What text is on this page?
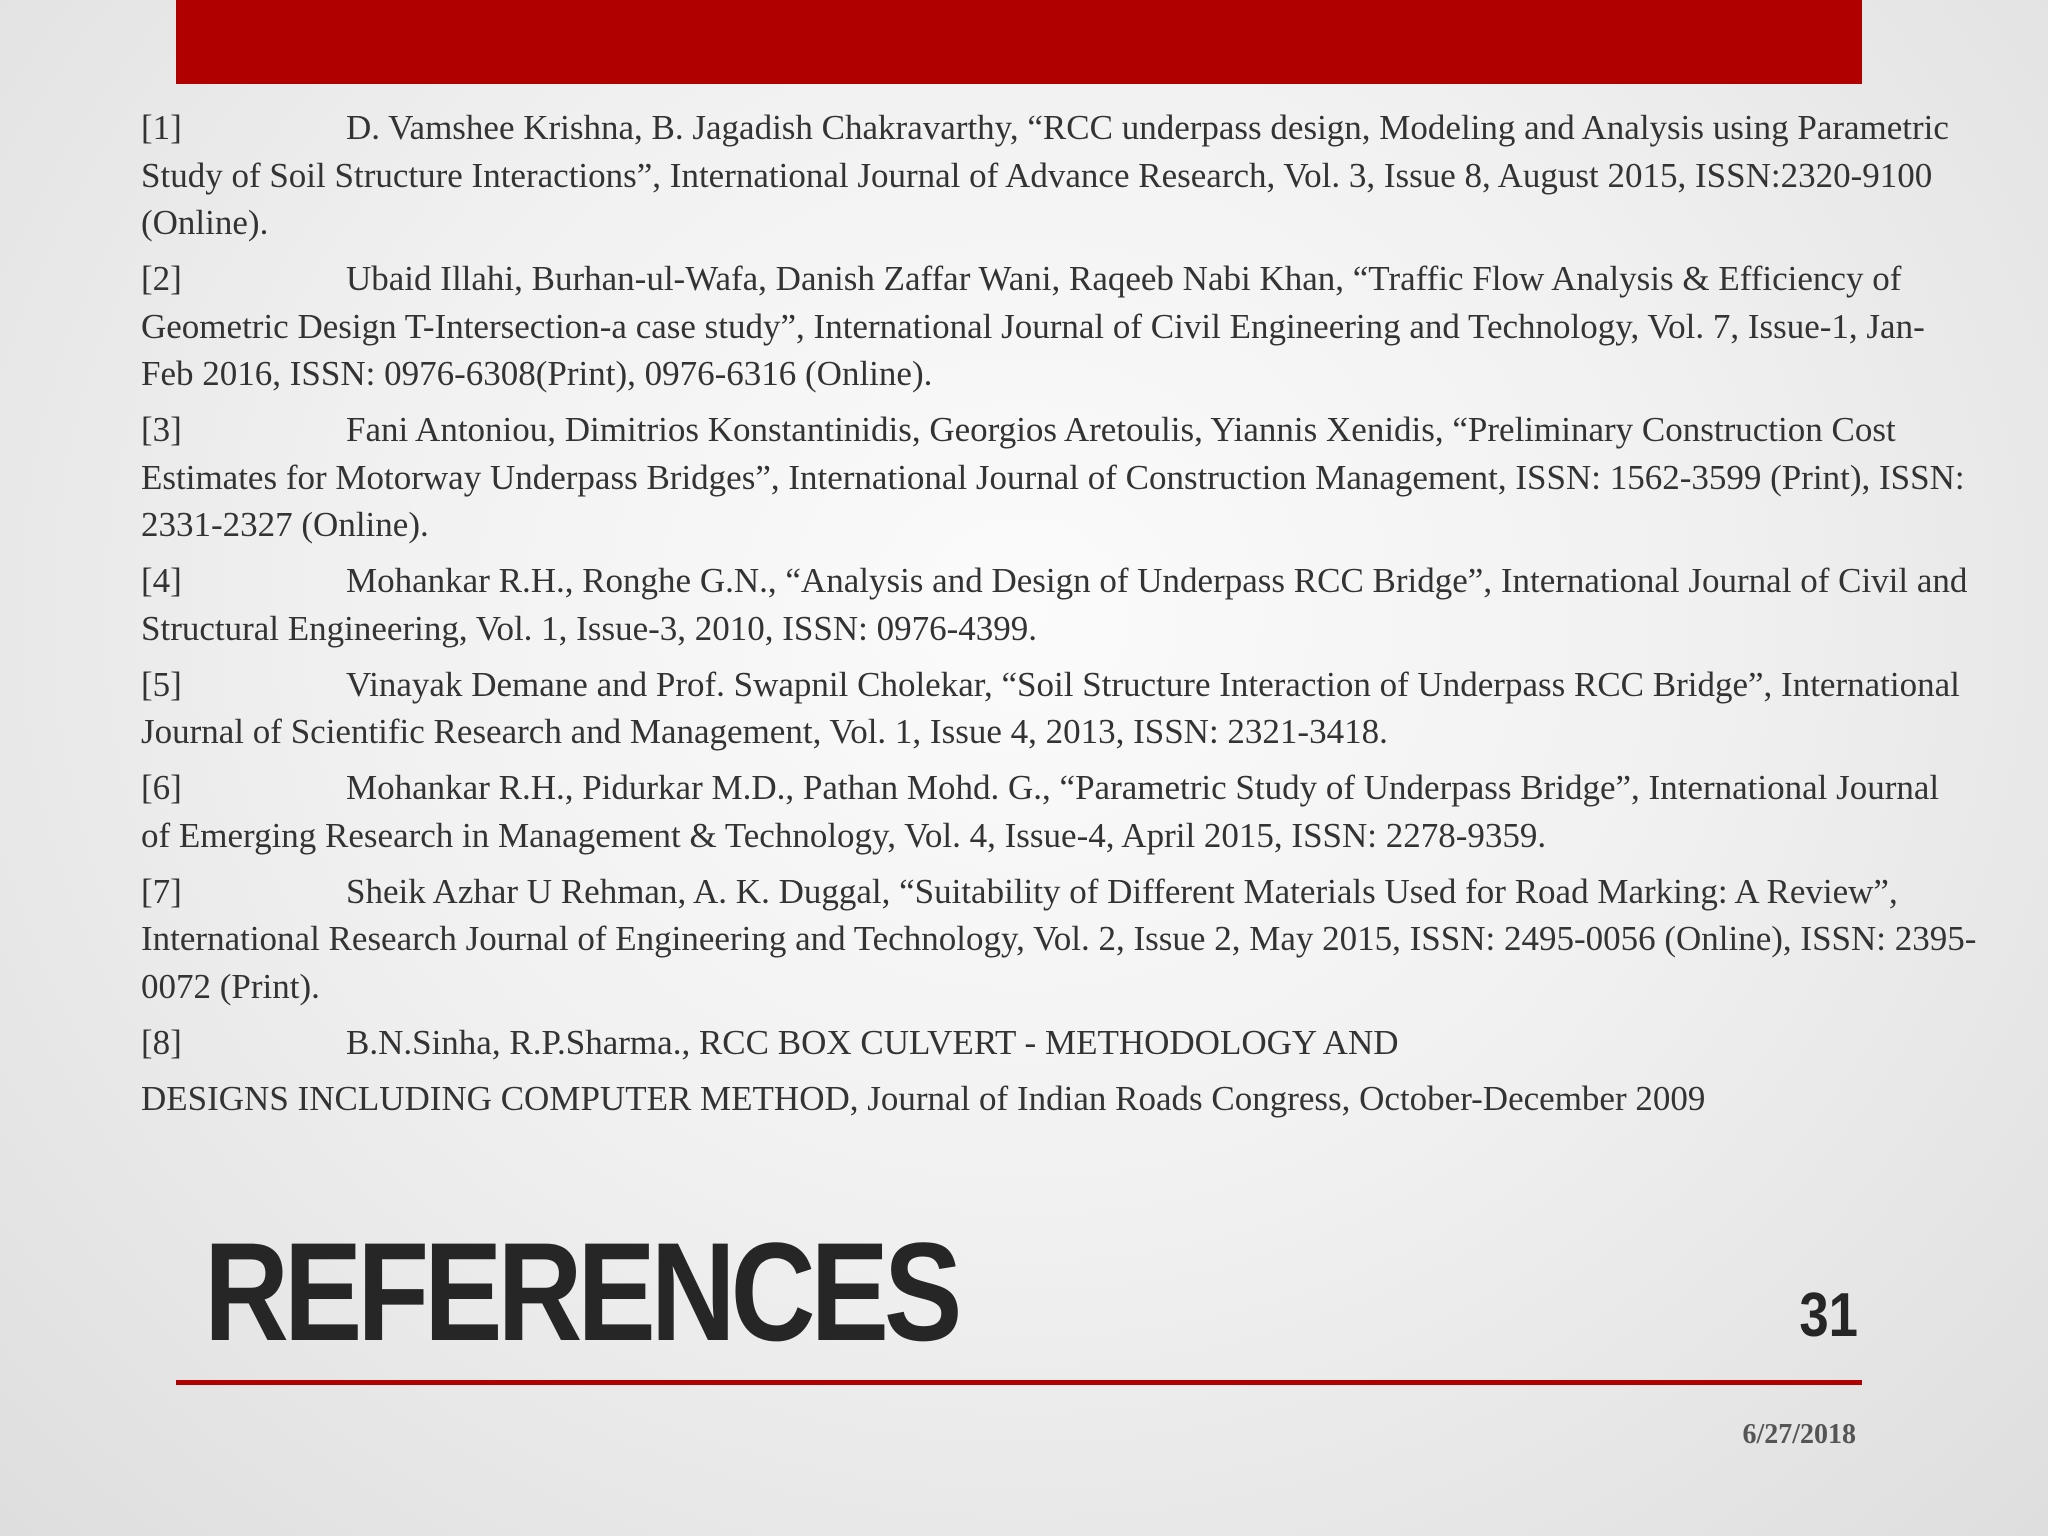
[1]	D. Vamshee Krishna, B. Jagadish Chakravarthy, “RCC underpass design, Modeling and Analysis using Parametric Study of Soil Structure Interactions”, International Journal of Advance Research, Vol. 3, Issue 8, August 2015, ISSN:2320-9100 (Online).

[2]	Ubaid Illahi, Burhan-ul-Wafa, Danish Zaffar Wani, Raqeeb Nabi Khan, “Traffic Flow Analysis & Efficiency of Geometric Design T-Intersection-a case study”, International Journal of Civil Engineering and Technology, Vol. 7, Issue-1, Jan-Feb 2016, ISSN: 0976-6308(Print), 0976-6316 (Online).

[3]	Fani Antoniou, Dimitrios Konstantinidis, Georgios Aretoulis, Yiannis Xenidis, “Preliminary Construction Cost Estimates for Motorway Underpass Bridges”, International Journal of Construction Management, ISSN: 1562-3599 (Print), ISSN: 2331-2327 (Online).

[4]	Mohankar R.H., Ronghe G.N., “Analysis and Design of Underpass RCC Bridge”, International Journal of Civil and Structural Engineering, Vol. 1, Issue-3, 2010, ISSN: 0976-4399.

[5]	Vinayak Demane and Prof. Swapnil Cholekar, “Soil Structure Interaction of Underpass RCC Bridge”, International Journal of Scientific Research and Management, Vol. 1, Issue 4, 2013, ISSN: 2321-3418.

[6]	Mohankar R.H., Pidurkar M.D., Pathan Mohd. G., “Parametric Study of Underpass Bridge”, International Journal of Emerging Research in Management & Technology, Vol. 4, Issue-4, April 2015, ISSN: 2278-9359.

[7]	Sheik Azhar U Rehman, A. K. Duggal, “Suitability of Different Materials Used for Road Marking: A Review”, International Research Journal of Engineering and Technology, Vol. 2, Issue 2, May 2015, ISSN: 2495-0056 (Online), ISSN: 2395-0072 (Print).

[8]	B.N.Sinha, R.P.Sharma., RCC BOX CULVERT - METHODOLOGY AND

DESIGNS INCLUDING COMPUTER METHOD, Journal of Indian Roads Congress, October-December 2009

REFERENCES	31
6/27/2018
